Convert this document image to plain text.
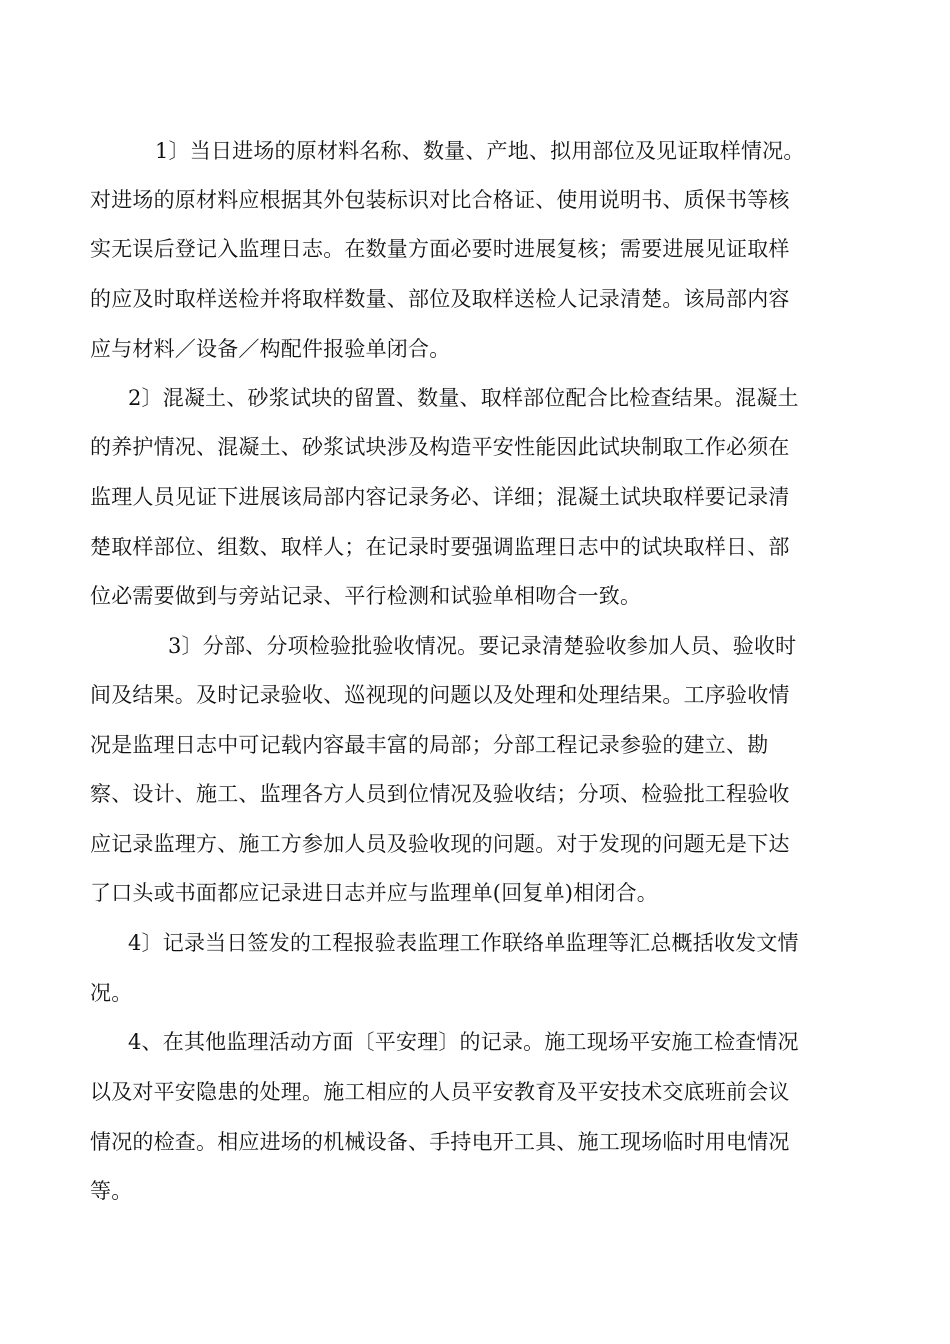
1〕当日进场的原材料名称、数量、产地、拟用部位及见证取样情况。
对进场的原材料应根据其外包装标识对比合格证、使用说明书、质保书等核
实无误后登记入监理日志。在数量方面必要时进展复核；需要进展见证取样
的应及时取样送检并将取样数量、部位及取样送检人记录清楚。该局部内容
应与材料／设备／构配件报验单闭合。
2〕混凝土、砂浆试块的留置、数量、取样部位配合比检查结果。混凝土
的养护情况、混凝土、砂浆试块涉及构造平安性能因此试块制取工作必须在
监理人员见证下进展该局部内容记录务必、详细；混凝土试块取样要记录清
楚取样部位、组数、取样人；在记录时要强调监理日志中的试块取样日、部
位必需要做到与旁站记录、平行检测和试验单相吻合一致。
3〕分部、分项检验批验收情况。要记录清楚验收参加人员、验收时
间及结果。及时记录验收、巡视现的问题以及处理和处理结果。工序验收情
况是监理日志中可记载内容最丰富的局部；分部工程记录参验的建立、勘
察、设计、施工、监理各方人员到位情况及验收结；分项、检验批工程验收
应记录监理方、施工方参加人员及验收现的问题。对于发现的问题无是下达
了口头或书面都应记录进日志并应与监理单(回复单)相闭合。
4〕记录当日签发的工程报验表监理工作联络单监理等汇总概括收发文情
况。
4、在其他监理活动方面〔平安理〕的记录。施工现场平安施工检查情况
以及对平安隐患的处理。施工相应的人员平安教育及平安技术交底班前会议
情况的检查。相应进场的机械设备、手持电开工具、施工现场临时用电情况
等。
